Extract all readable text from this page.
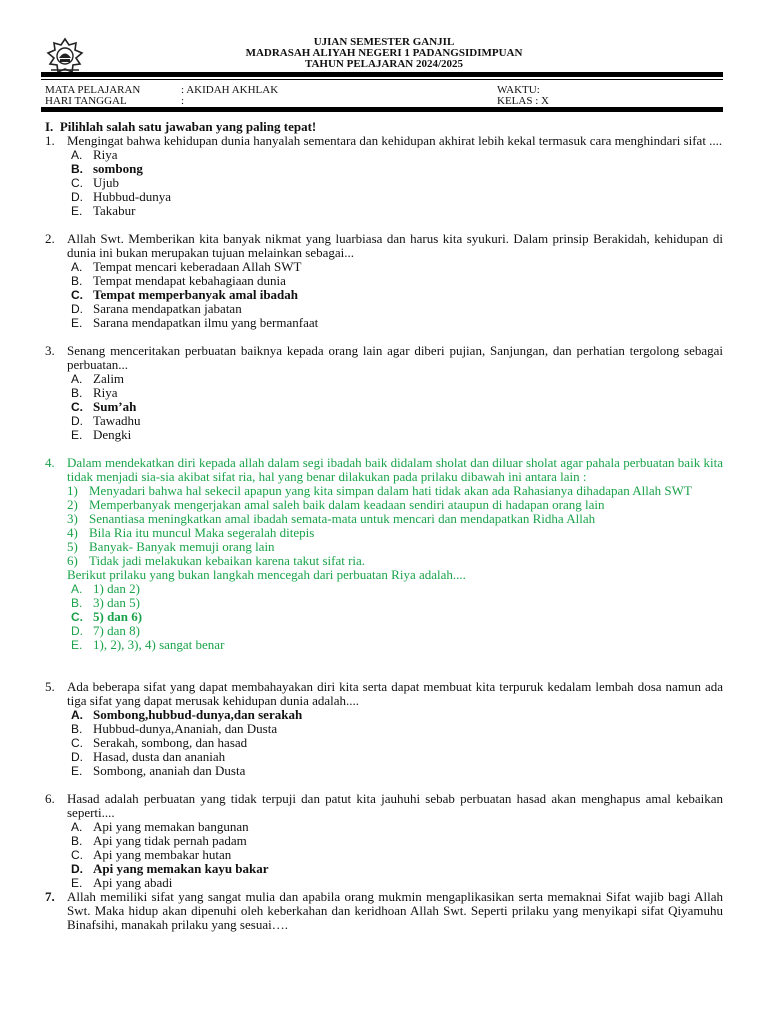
UJIAN SEMESTER GANJIL
MADRASAH ALIYAH NEGERI 1 PADANGSIDIMPUAN
TAHUN PELAJARAN 2024/2025
MATA PELAJARAN	: AKIDAH AKHLAK
HARI TANGGAL	:
WAKTU:
KELAS : X
I. Pilihlah salah satu jawaban yang paling tepat!
1. Mengingat bahwa kehidupan dunia hanyalah sementara dan kehidupan akhirat lebih kekal termasuk cara menghindari sifat ....
A. Riya
B. sombong
C. Ujub
D. Hubbud-dunya
E. Takabur
2. Allah Swt. Memberikan kita banyak nikmat yang luarbiasa dan harus kita syukuri. Dalam prinsip Berakidah, kehidupan di dunia ini bukan merupakan tujuan melainkan sebagai...
A. Tempat mencari keberadaan Allah SWT
B. Tempat mendapat kebahagiaan dunia
C. Tempat memperbanyak amal ibadah
D. Sarana mendapatkan jabatan
E. Sarana mendapatkan ilmu yang bermanfaat
3. Senang menceritakan perbuatan baiknya kepada orang lain agar diberi pujian, Sanjungan, dan perhatian tergolong sebagai perbuatan...
A. Zalim
B. Riya
C. Sum’ah
D. Tawadhu
E. Dengki
4. Dalam mendekatkan diri kepada allah dalam segi ibadah baik didalam sholat dan diluar sholat agar pahala perbuatan baik kita tidak menjadi sia-sia akibat sifat ria, hal yang benar dilakukan pada prilaku dibawah ini antara lain :
1) Menyadari bahwa hal sekecil apapun yang kita simpan dalam hati tidak akan ada Rahasianya dihadapan Allah SWT
2) Memperbanyak mengerjakan amal saleh baik dalam keadaan sendiri ataupun di hadapan orang lain
3) Senantiasa meningkatkan amal ibadah semata-mata untuk mencari dan mendapatkan Ridha Allah
4) Bila Ria itu muncul Maka segeralah ditepis
5) Banyak- Banyak memuji orang lain
6) Tidak jadi melakukan kebaikan karena takut sifat ria.
Berikut prilaku yang bukan langkah mencegah dari perbuatan Riya adalah....
A. 1) dan 2)
B. 3) dan 5)
C. 5) dan 6)
D. 7) dan 8)
E. 1), 2), 3), 4) sangat benar
5. Ada beberapa sifat yang dapat membahayakan diri kita serta dapat membuat kita terpuruk kedalam lembah dosa namun ada tiga sifat yang dapat merusak kehidupan dunia adalah....
A. Sombong,hubbud-dunya,dan serakah
B. Hubbud-dunya,Ananiah, dan Dusta
C. Serakah, sombong, dan hasad
D. Hasad, dusta dan ananiah
E. Sombong, ananiah dan Dusta
6. Hasad adalah perbuatan yang tidak terpuji dan patut kita jauhuhi sebab perbuatan hasad akan menghapus amal kebaikan seperti....
A. Api yang memakan bangunan
B. Api yang tidak pernah padam
C. Api yang membakar hutan
D. Api yang memakan kayu bakar
E. Api yang abadi
7. Allah memiliki sifat yang sangat mulia dan apabila orang mukmin mengaplikasikan serta memaknai Sifat wajib bagi Allah Swt. Maka hidup akan dipenuhi oleh keberkahan dan keridhoan Allah Swt. Seperti prilaku yang menyikapi sifat Qiyamuhu Binafsihi, manakah prilaku yang sesuai….
